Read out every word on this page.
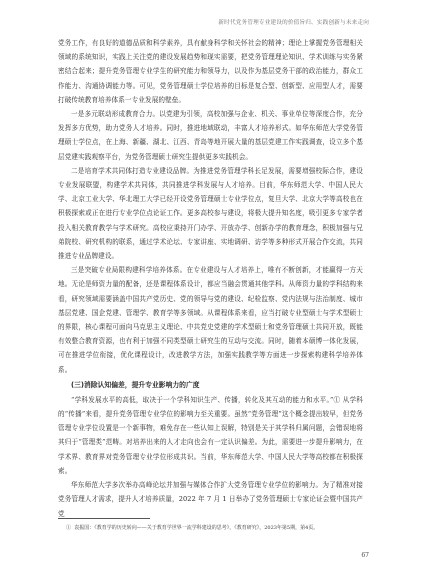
新时代党务管理专业建设的价值旨归、实践创新与未来走向

党务工作，有良好的道德品质和科学素养，具有献身科学和关怀社会的精神；理论上掌握党务管理相关领域的系统知识，实践上关注党的建设发展趋势和现实需要，把党务管理理论知识、学术训练与实务紧密结合起来；提升党务管理专业学生的研究能力和领导力，以及作为基层党务干部的政治能力，群众工作能力、沟通协调能力等。可见，党务管理硕士学位培养的目标是复合型、创新型、应用型人才，需要打破传统教育培养体系一专业发展的壁垒。

一是多元联动形成教育合力。以党建为引领，高校加强与企业、机关、事业单位等深度合作，充分发挥多方优势，助力党务人才培养。同时，推进地域联动，丰富人才培养形式。如华东师范大学党务管理硕士学位点，在上海、新疆、湖北、江西、青岛等地开展大量的基层党建工作实践调查，设立多个基层党建实践观察平台，为党务管理硕士研究生提供更多实践机会。

二是培育学术共同体打造专业建设品牌。为推进党务管理学科长足发展，需要增强校际合作，建设专业发展联盟，构建学术共同体，共同推进学科发展与人才培养。目前，华东师范大学、中国人民大学、北京工业大学、华北理工大学已经开设党务管理硕士专业学位点，复旦大学、北京大学等高校也在积极探索或正在进行专业学位点论证工作。更多高校参与建设，将极大提升知名度，吸引更多专家学者投入相关教育教学与学术研究。高校应秉持开门办学、开放办学、创新办学的教育理念，积极加强与兄弟院校、研究机构的联系，通过学术论坛、专家讲座、实地调研、访学等多种形式开展合作交流，共同推进专业品牌建设。

三是突破专业局限构建科学培养体系。在专业建设与人才培养上，唯有不断创新，才能赢得一方天地。无论是师资力量的配备，还是课程体系设计，都应当融会贯通其他学科。从师资力量的学科结构来看，研究领域需要涵盖中国共产党历史、党的领导与党的建设、纪检监察、党内法规与法治制度、城市基层党建、国企党建、管理学、教育学等多领域。从课程体系来看，应当打破专业型硕士与学术型硕士的界限，核心课程可面向马克思主义理论、中共党史党建的学术型硕士和党务管理硕士共同开放，既能有效整合教育资源，也有利于加强不同类型硕士研究生的互动与交流。同时，随着本硕博一体化发展，可在推进学位衔接，优化课程设计，改进教学方法，加强实践教学等方面进一步探索构建科学培养体系。

(三)消除认知偏差，提升专业影响力的广度

“学科发展水平的高低，取决于一个学科知识生产、传播，转化及其互动的能力和水平。”① 从学科的“传播”来看，提升党务管理专业学位的影响力至关重要。虽然“党务管理”这个概念提出较早，但党务管理专业学位设置是一个新事物，难免存在一些认知上误解，特别是关于其学科归属问题，会错误地将其归于“管理类”范畴。对培养出来的人才走向也会有一定认识偏差。为此，需要进一步提升影响力，在学术界、教育界对党务管理专业学位形成共识。当前，华东师范大学、中国人民大学等高校都在积极探索。

华东师范大学多次举办高峰论坛并加强与媒体合作扩大党务管理专业学位的影响力。为了精准对接党务管理人才需求，提升人才培养质量，2022 年 7 月 1 日举办了党务管理硕士专家论证会暨中国共产党

① 袁振国：《教育学的历史转向——关于教育学世界一流学科建设的思考》，《教育研究》，2023年第5期，第4页。
67
